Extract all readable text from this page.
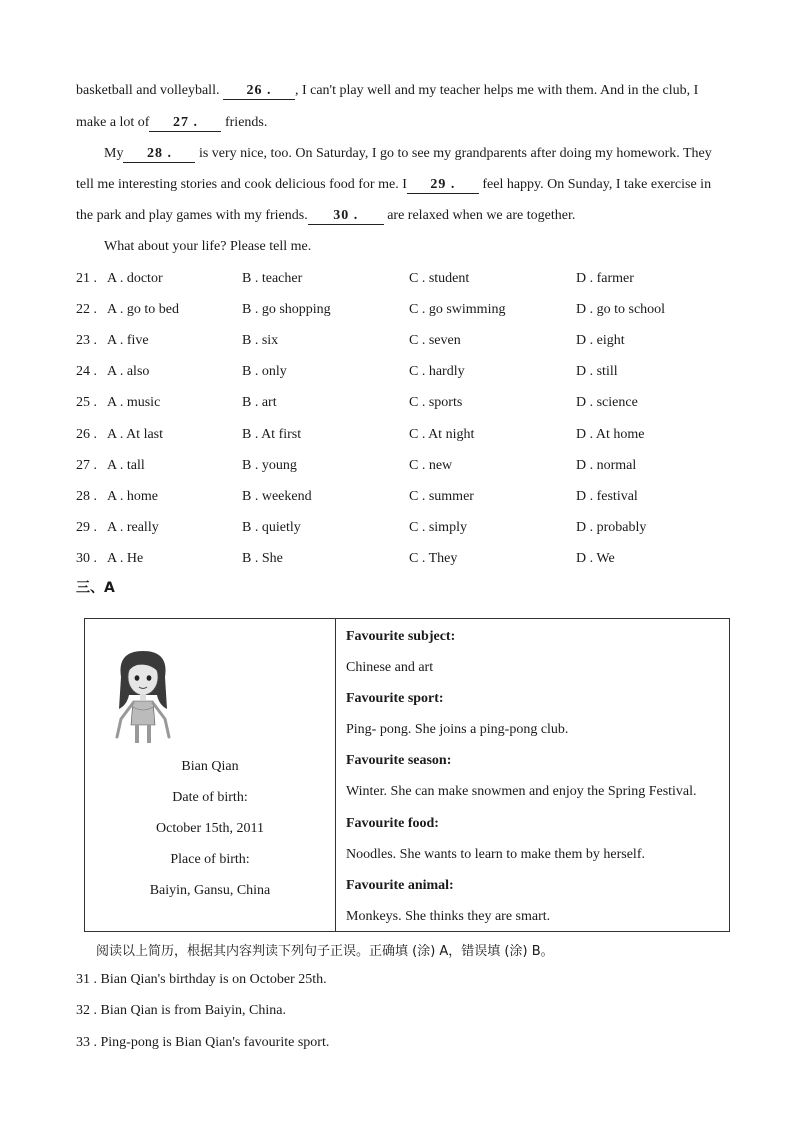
basketball and volleyball. 26 . , I can't play well and my teacher helps me with them. And in the club, I
make a lot of 27 . friends.
My 28 . is very nice, too. On Saturday, I go to see my grandparents after doing my homework. They
tell me interesting stories and cook delicious food for me. I 29 . feel happy. On Sunday, I take exercise in
the park and play games with my friends. 30 . are relaxed when we are together.
What about your life? Please tell me.
21 . A . doctor	B . teacher	C . student	D . farmer
22 . A . go to bed	B . go shopping	C . go swimming	D . go to school
23 . A . five	B . six	C . seven	D . eight
24 . A . also	B . only	C . hardly	D . still
25 . A . music	B . art	C . sports	D . science
26 . A . At last	B . At first	C . At night	D . At home
27 . A . tall	B . young	C . new	D . normal
28 . A . home	B . weekend	C . summer	D . festival
29 . A . really	B . quietly	C . simply	D . probably
30 . A . He	B . She	C . They	D . We
三、A
Bian Qian
Date of birth:
October 15th, 2011
Place of birth:
Baiyin, Gansu, China

Favourite subject:
Chinese and art
Favourite sport:
Ping- pong. She joins a ping-pong club.
Favourite season:
Winter. She can make snowmen and enjoy the Spring Festival.
Favourite food:
Noodles. She wants to learn to make them by herself.
Favourite animal:
Monkeys. She thinks they are smart.
阅读以上简历，根据其内容判读下列句子正误。正确填 (涂) A，错误填 (涂) B。
31 . Bian Qian's birthday is on October 25th.
32 . Bian Qian is from Baiyin, China.
33 . Ping-pong is Bian Qian's favourite sport.
